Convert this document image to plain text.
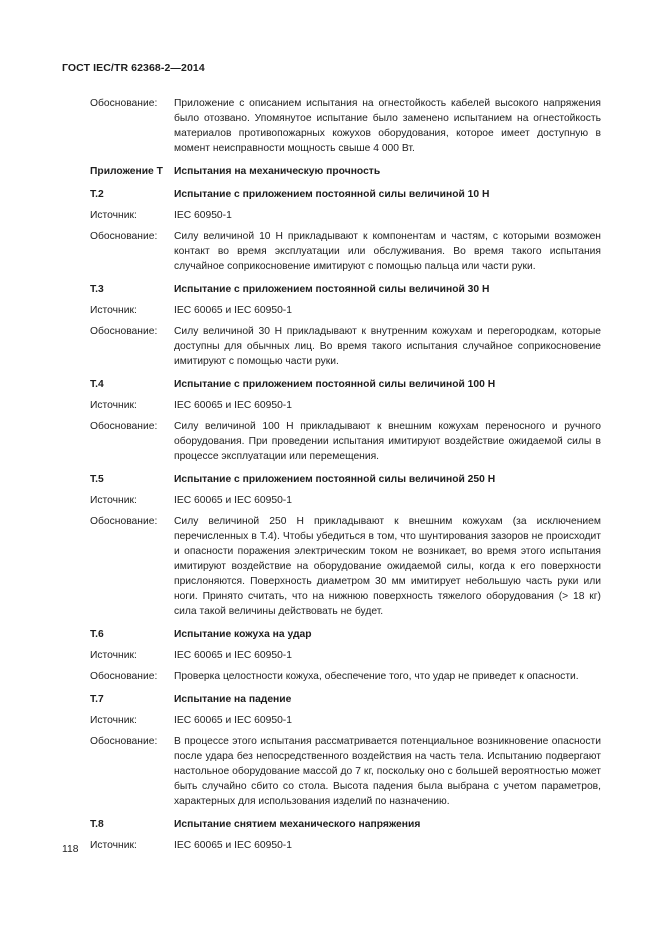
ГОСТ IEC/TR 62368-2—2014
Обоснование:	Приложение с описанием испытания на огнестойкость кабелей высокого напряжения было отозвано. Упомянутое испытание было заменено испытанием на огнестойкость материалов противопожарных кожухов оборудования, которое имеет доступную в момент неисправности мощность свыше 4 000 Вт.
Приложение Т	Испытания на механическую прочность
Т.2	Испытание с приложением постоянной силы величиной 10 Н
Источник:	IEC 60950-1
Обоснование:	Силу величиной 10 Н прикладывают к компонентам и частям, с которыми возможен контакт во время эксплуатации или обслуживания. Во время такого испытания случайное соприкосновение имитируют с помощью пальца или части руки.
Т.3	Испытание с приложением постоянной силы величиной 30 Н
Источник:	IEC 60065 и IEC 60950-1
Обоснование:	Силу величиной 30 Н прикладывают к внутренним кожухам и перегородкам, которые доступны для обычных лиц. Во время такого испытания случайное соприкосновение имитируют с помощью части руки.
Т.4	Испытание с приложением постоянной силы величиной 100 Н
Источник:	IEC 60065 и IEC 60950-1
Обоснование:	Силу величиной 100 Н прикладывают к внешним кожухам переносного и ручного оборудования. При проведении испытания имитируют воздействие ожидаемой силы в процессе эксплуатации или перемещения.
Т.5	Испытание с приложением постоянной силы величиной 250 Н
Источник:	IEC 60065 и IEC 60950-1
Обоснование:	Силу величиной 250 Н прикладывают к внешним кожухам (за исключением перечисленных в Т.4). Чтобы убедиться в том, что шунтирования зазоров не происходит и опасности поражения электрическим током не возникает, во время этого испытания имитируют воздействие на оборудование ожидаемой силы, когда к его поверхности прислоняются. Поверхность диаметром 30 мм имитирует небольшую часть руки или ноги. Принято считать, что на нижнюю поверхность тяжелого оборудования (> 18 кг) сила такой величины действовать не будет.
Т.6	Испытание кожуха на удар
Источник:	IEC 60065 и IEC 60950-1
Обоснование:	Проверка целостности кожуха, обеспечение того, что удар не приведет к опасности.
Т.7	Испытание на падение
Источник:	IEC 60065 и IEC 60950-1
Обоснование:	В процессе этого испытания рассматривается потенциальное возникновение опасности после удара без непосредственного воздействия на часть тела. Испытанию подвергают настольное оборудование массой до 7 кг, поскольку оно с большей вероятностью может быть случайно сбито со стола. Высота падения была выбрана с учетом параметров, характерных для использования изделий по назначению.
Т.8	Испытание снятием механического напряжения
Источник:	IEC 60065 и IEC 60950-1
118
